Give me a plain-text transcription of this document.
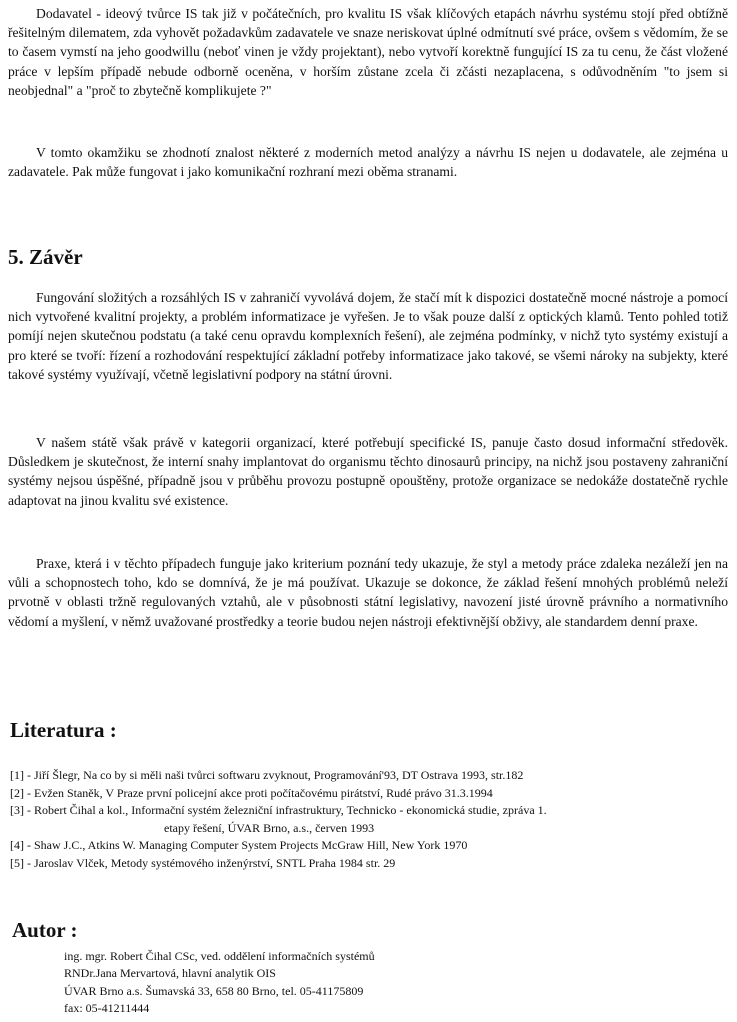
Dodavatel - ideový tvůrce IS tak již v počátečních, pro kvalitu IS však klíčových etapách návrhu systému stojí před obtížně řešitelným dilematem, zda vyhovět požadavkům zadavatele ve snaze neriskovat úplné odmítnutí své práce, ovšem s vědomím, že se to časem vymstí na jeho goodwillu (neboť vinen je vždy projektant), nebo vytvoří korektně fungující IS za tu cenu, že část vložené práce v lepším případě nebude odborně oceněna, v horším zůstane zcela či zčásti nezaplacena, s odůvodněním "to jsem si neobjednal" a "proč to zbytečně komplikujete ?"

V tomto okamžiku se zhodnotí znalost některé z moderních metod analýzy a návrhu IS nejen u dodavatele, ale zejména u zadavatele. Pak může fungovat i jako komunikační rozhraní mezi oběma stranami.

5. Závěr

Fungování složitých a rozsáhlých IS v zahraničí vyvolává dojem, že stačí mít k dispozici dostatečně mocné nástroje a pomocí nich vytvořené kvalitní projekty, a problém informatizace je vyřešen. Je to však pouze další z optických klamů. Tento pohled totiž pomíjí nejen skutečnou podstatu (a také cenu opravdu komplexních řešení), ale zejména podmínky, v nichž tyto systémy existují a pro které se tvoří: řízení a rozhodování respektující základní potřeby informatizace jako takové, se všemi nároky na subjekty, které takové systémy využívají, včetně legislativní podpory na státní úrovni.

V našem státě však právě v kategorii organizací, které potřebují specifické IS, panuje často dosud informační středověk. Důsledkem je skutečnost, že interní snahy implantovat do organismu těchto dinosaurů principy, na nichž jsou postaveny zahraniční systémy nejsou úspěšné, případně jsou v průběhu provozu postupně opouštěny, protože organizace se nedokáže dostatečně rychle adaptovat na jinou kvalitu své existence.

Praxe, která i v těchto případech funguje jako kriterium poznání tedy ukazuje, že styl a metody práce zdaleka nezáleží jen na vůli a schopnostech toho, kdo se domnívá, že je má používat. Ukazuje se dokonce, že základ řešení mnohých problémů neleží prvotně v oblasti tržně regulovaných vztahů, ale v působnosti státní legislativy, navození jisté úrovně právního a normativního vědomí a myšlení, v němž uvažované prostředky a teorie budou nejen nástroji efektivnější obživy, ale standardem denní praxe.

Literatura :
[1] - Jiří Šlegr, Na co by si měli naši tvůrci softwaru zvyknout, Programování'93, DT Ostrava 1993, str.182
[2] - Evžen Staněk, V Praze první policejní akce proti počítačovému pirátství, Rudé právo 31.3.1994
[3] - Robert Čihal a kol., Informační systém železniční infrastruktury, Technicko - ekonomická studie, zpráva 1.
etapy řešení, ÚVAR Brno, a.s., červen 1993
[4] - Shaw J.C., Atkins W. Managing Computer System Projects McGraw Hill, New York 1970
[5] - Jaroslav Vlček, Metody systémového inženýrství, SNTL Praha 1984 str. 29
Autor :
ing. mgr. Robert Čihal CSc, ved. oddělení informačních systémů
RNDr.Jana Mervartová, hlavní analytik OIS
ÚVAR Brno a.s. Šumavská 33, 658 80 Brno, tel. 05-41175809
fax: 05-41211444
